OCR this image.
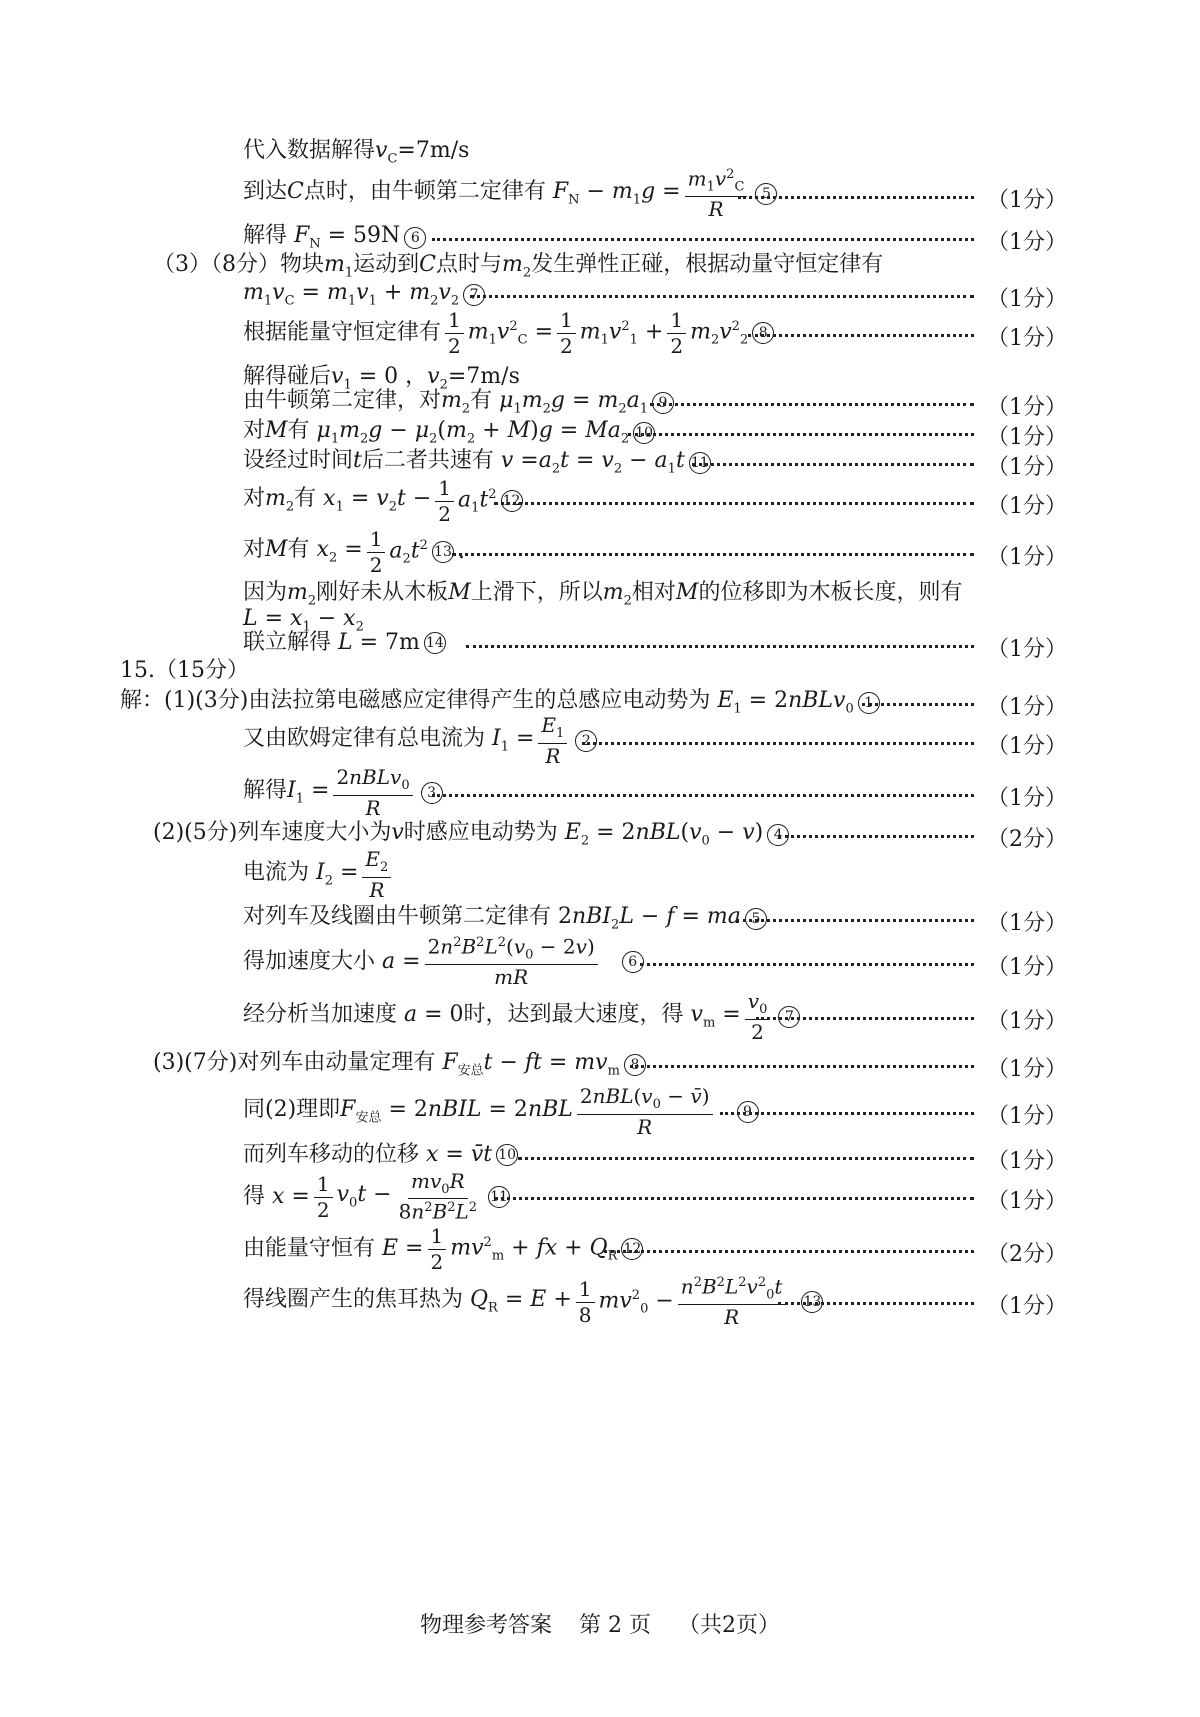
代入数据解得$v_C=7m/s$
到达C点时，由牛顿第二定律有 $F_N - m_1g = \frac{m_1v^2_C}{R}$	5	（1分）
解得 $F_N = 59N$ 6	（1分）
（3）（8分）物块$m_1$运动到C点时与$m_2$发生弹性正碰，根据动量守恒定律有
$m_1v_C = m_1v_1 + m_2v_2$ 7	（1分）
根据能量守恒定律有 $\frac{1}{2} m_1v^2_C = \frac{1}{2} m_1v^2_1 + \frac{1}{2} m_2v^2_2$ 8	（1分）
解得碰后$v_1 = 0$ ，$v_2=7m/s$
由牛顿第二定律，对$m_2$有 $\mu_1m_2g = m_2a_1$ 9	（1分）
对M有 $\mu_1m_2g - \mu_2(m_2 + M)g = Ma_2$ 10	（1分）
设经过时间t后二者共速有 $v =a_2t = v_2 - a_1t$ 11	（1分）
对$m_2$有 $x_1 = v_2t - \frac{1}{2} a_1t^2$ 12	（1分）
对M有 $x_2 = \frac{1}{2} a_2t^2$ 13 .	（1分）
因为$m_2$刚好未从木板M上滑下，所以$m_2$相对M的位移即为木板长度，则有
$L = x_1 - x_2$
联立解得 L = 7m 14	（1分）
15.（15分）
解：(1)(3分)由法拉第电磁感应定律得产生的总感应电动势为 $E_1$ = 2nBLv$_0$ 1	（1分）
又由欧姆定律有总电流为 $I_1 = \frac{E_1}{R}$	2	（1分）
解得$I_1 = \frac{2nBLv_0}{R}$	3	（1分）
(2)(5分)列车速度大小为v时感应电动势为 $E_2 = 2nBL(v_0 - v)$ 4	（2分）
电流为 $I_2 = \frac{E_2}{R}$
对列车及线圈由牛顿第二定律有 2nBI$_2$L − f = ma 5	（1分）
得加速度大小 $a = \frac{2n^2B^2L^2(v_0 - 2v)}{mR}$	6	（1分）
经分析当加速度 a = 0时，达到最大速度，得 $v_m = \frac{v_0}{2}$	7	（1分）
(3)(7分)对列车由动量定理有 $F_{安总}t$ − ft = $mv_m$ 8	（1分）
同(2)理即$F_{安总}$ = 2nBIL = $2nBL \frac{2nBL(v_0 - v̄)}{R}$	9	（1分）
而列车移动的位移 x = v̄t 10	（1分）
得 $x = \frac{1}{2} v_0t - \frac{mv_0R}{8n^2B^2L^2} 11$	（1分）
由能量守恒有 $E = \frac{1}{2} mv^2_m$ + fx + $Q_R$ 12	（2分）
得线圈产生的焦耳热为 $Q_R = E + \frac{1}{8} mv^2_0 - \frac{n^2B^2L^2v^2_0t}{R} 13$	（1分）
物理参考答案 第 2 页 （共2页）
